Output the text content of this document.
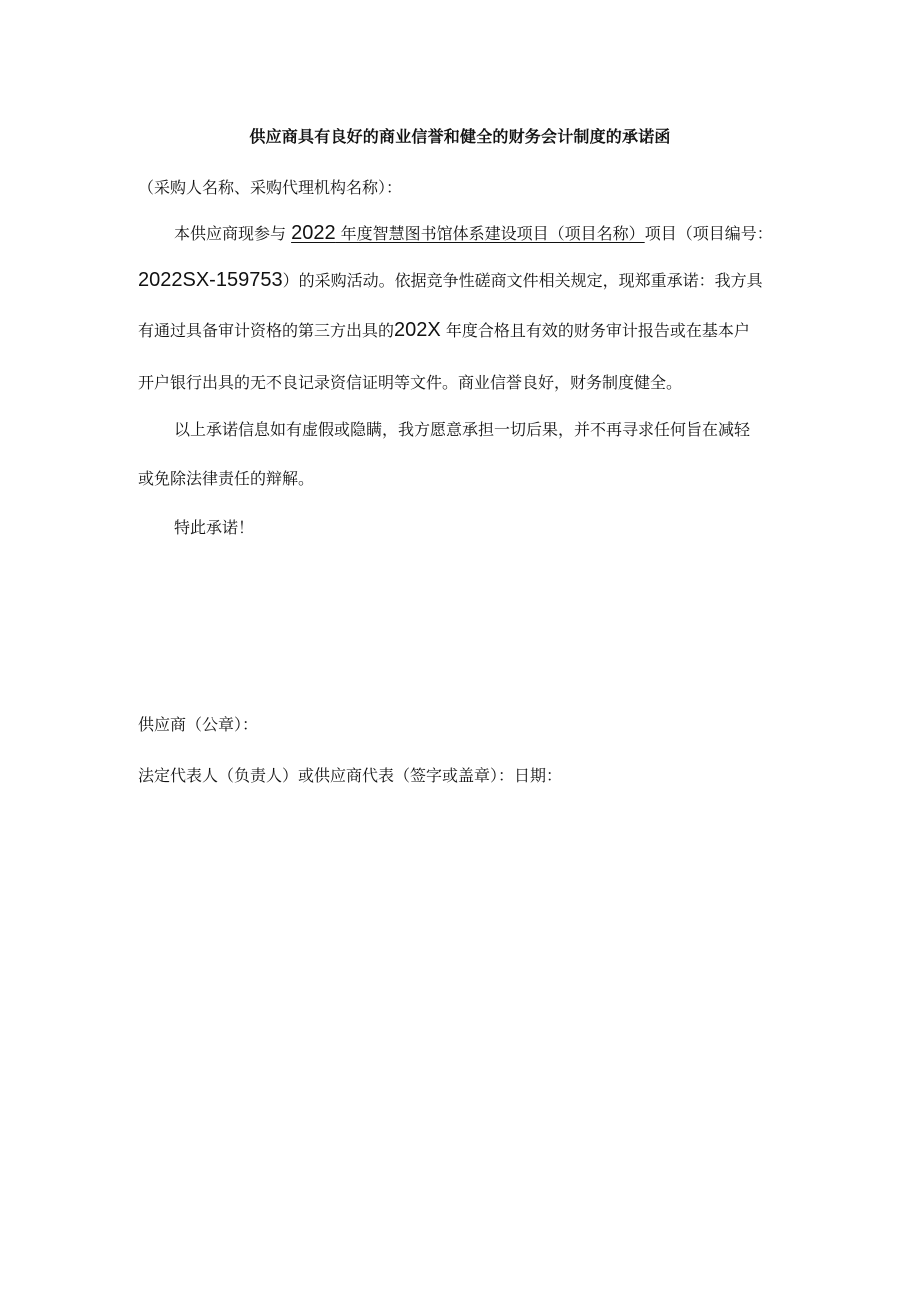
供应商具有良好的商业信誉和健全的财务会计制度的承诺函
（采购人名称、采购代理机构名称）：
本供应商现参与 2022 年度智慧图书馆体系建设项目（项目名称）项目（项目编号：
2022SX-159753）的采购活动。依据竞争性磋商文件相关规定，现郑重承诺：我方具
有通过具备审计资格的第三方出具的202X 年度合格且有效的财务审计报告或在基本户
开户银行出具的无不良记录资信证明等文件。商业信誉良好，财务制度健全。
以上承诺信息如有虚假或隐瞒，我方愿意承担一切后果，并不再寻求任何旨在减轻
或免除法律责任的辩解。
特此承诺！
供应商（公章）：
法定代表人（负责人）或供应商代表（签字或盖章）：日期：
